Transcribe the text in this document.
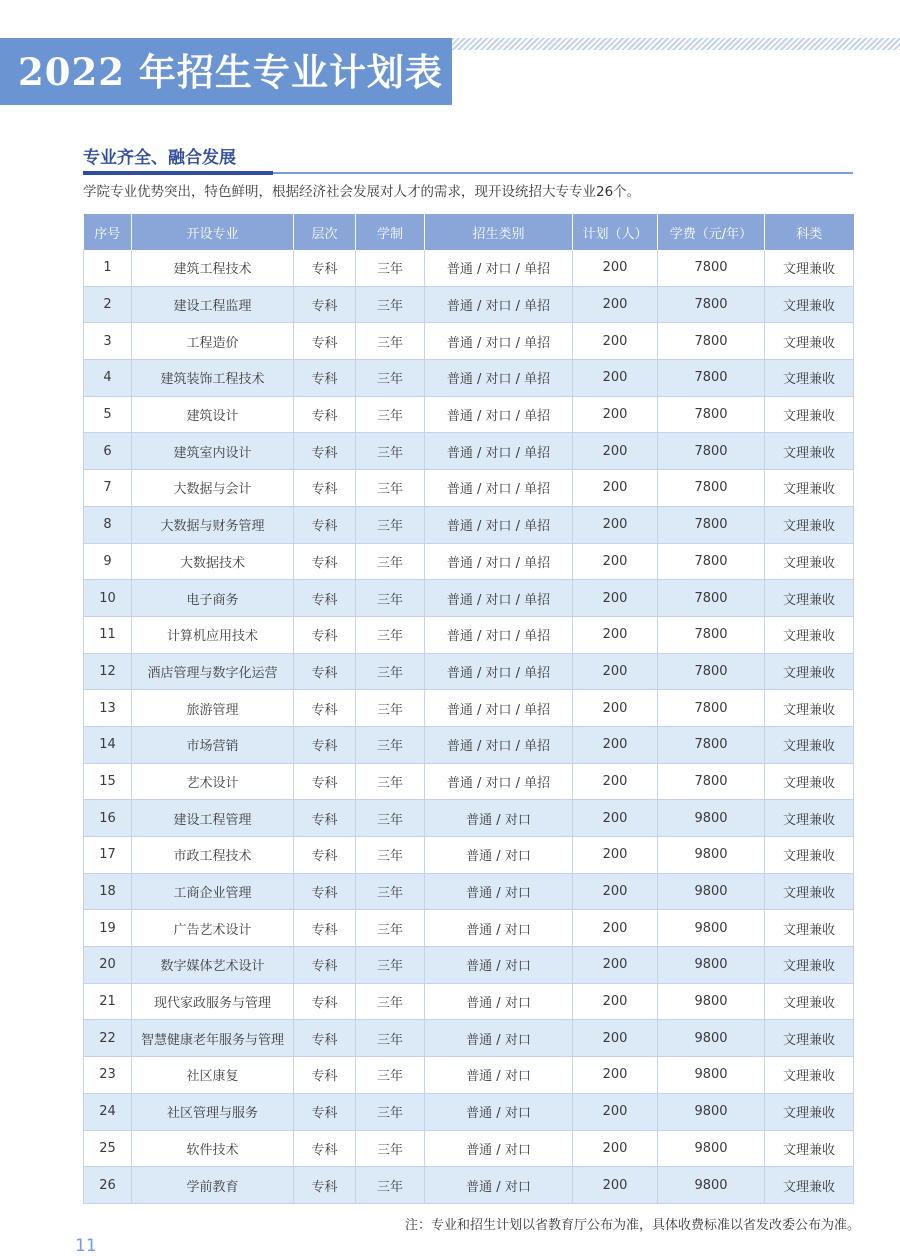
2022 年招生专业计划表
专业齐全、融合发展
学院专业优势突出，特色鲜明，根据经济社会发展对人才的需求，现开设统招大专专业26个。
序号	开设专业	层次	学制	招生类别	计划（人）	学费（元/年）	科类
1	建筑工程技术	专科	三年	普通 / 对口 / 单招	200	7800	文理兼收
2	建设工程监理	专科	三年	普通 / 对口 / 单招	200	7800	文理兼收
3	工程造价	专科	三年	普通 / 对口 / 单招	200	7800	文理兼收
4	建筑装饰工程技术	专科	三年	普通 / 对口 / 单招	200	7800	文理兼收
5	建筑设计	专科	三年	普通 / 对口 / 单招	200	7800	文理兼收
6	建筑室内设计	专科	三年	普通 / 对口 / 单招	200	7800	文理兼收
7	大数据与会计	专科	三年	普通 / 对口 / 单招	200	7800	文理兼收
8	大数据与财务管理	专科	三年	普通 / 对口 / 单招	200	7800	文理兼收
9	大数据技术	专科	三年	普通 / 对口 / 单招	200	7800	文理兼收
10	电子商务	专科	三年	普通 / 对口 / 单招	200	7800	文理兼收
11	计算机应用技术	专科	三年	普通 / 对口 / 单招	200	7800	文理兼收
12	酒店管理与数字化运营	专科	三年	普通 / 对口 / 单招	200	7800	文理兼收
13	旅游管理	专科	三年	普通 / 对口 / 单招	200	7800	文理兼收
14	市场营销	专科	三年	普通 / 对口 / 单招	200	7800	文理兼收
15	艺术设计	专科	三年	普通 / 对口 / 单招	200	7800	文理兼收
16	建设工程管理	专科	三年	普通 / 对口	200	9800	文理兼收
17	市政工程技术	专科	三年	普通 / 对口	200	9800	文理兼收
18	工商企业管理	专科	三年	普通 / 对口	200	9800	文理兼收
19	广告艺术设计	专科	三年	普通 / 对口	200	9800	文理兼收
20	数字媒体艺术设计	专科	三年	普通 / 对口	200	9800	文理兼收
21	现代家政服务与管理	专科	三年	普通 / 对口	200	9800	文理兼收
22	智慧健康老年服务与管理	专科	三年	普通 / 对口	200	9800	文理兼收
23	社区康复	专科	三年	普通 / 对口	200	9800	文理兼收
24	社区管理与服务	专科	三年	普通 / 对口	200	9800	文理兼收
25	软件技术	专科	三年	普通 / 对口	200	9800	文理兼收
26	学前教育	专科	三年	普通 / 对口	200	9800	文理兼收
注：专业和招生计划以省教育厅公布为准，具体收费标准以省发改委公布为准。
11
